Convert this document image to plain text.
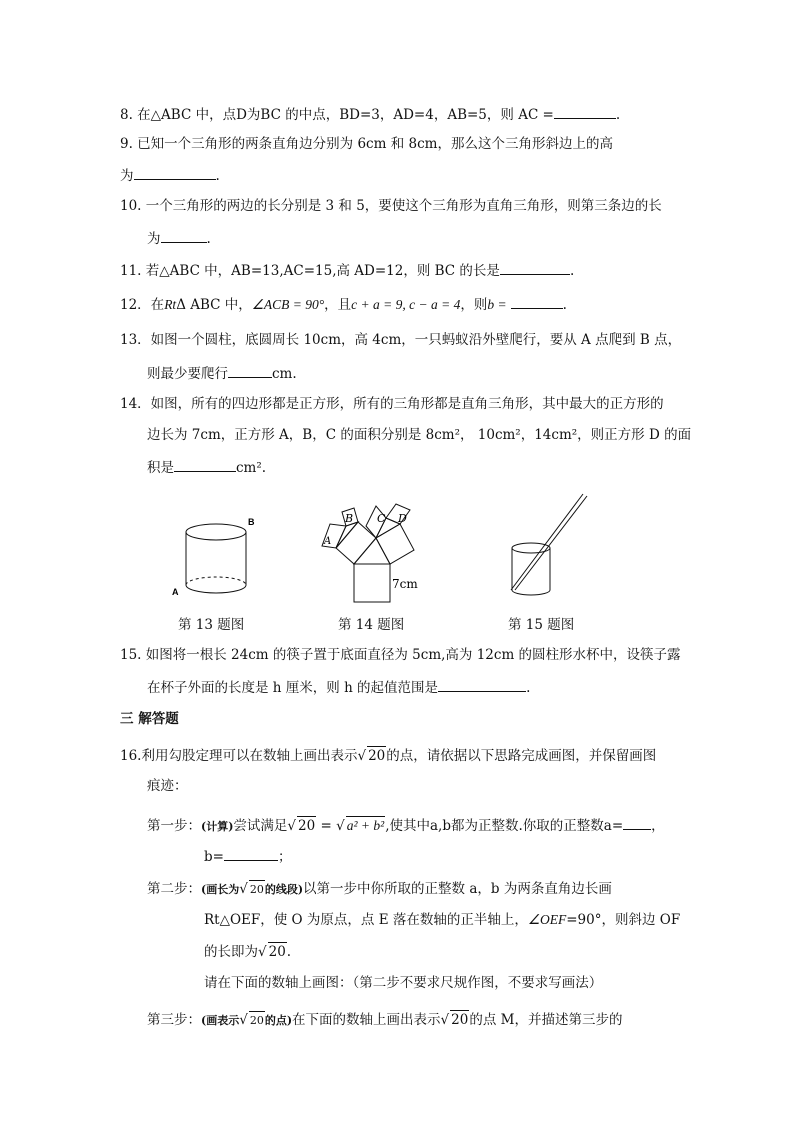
8. 在△ABC 中，点D为BC 的中点，BD=3，AD=4，AB=5，则 AC =	.
9. 已知一个三角形的两条直角边分别为 6cm 和 8cm，那么这个三角形斜边上的高
为	.
10. 一个三角形的两边的长分别是 3 和 5，要使这个三角形为直角三角形，则第三条边的长
为	.
11. 若△ABC 中，AB=13,AC=15,高 AD=12，则 BC 的长是	.
12．在RtΔ ABC 中，∠ACB = 90°，且c + a = 9, c − a = 4，则b =	.
13．如图一个圆柱，底圆周长 10cm，高 4cm，一只蚂蚁沿外壁爬行，要从 A 点爬到 B 点，
则最少要爬行	cm.
14．如图，所有的四边形都是正方形，所有的三角形都是直角三角形，其中最大的正方形的
边长为 7cm，正方形 A，B，C 的面积分别是 8cm²， 10cm²，14cm²，则正方形 D 的面
积是	cm².
B
A
A
B C D
7cm
第 13 题图	第 14 题图	第 15 题图
15. 如图将一根长 24cm 的筷子置于底面直径为 5cm,高为 12cm 的圆柱形水杯中，设筷子露
在杯子外面的长度是 h 厘米，则 h 的起值范围是	.
三 解答题
16.利用勾股定理可以在数轴上画出表示√ 20的点，请依据以下思路完成画图，并保留画图
痕迹：
第一步：(计算)尝试满足√ 20 = √ a² + b²,使其中a,b都为正整数.你取的正整数a= ，
b=	；
第二步：(画长为√ 20的线段)以第一步中你所取的正整数 a，b 为两条直角边长画
Rt△OEF，使 O 为原点，点 E 落在数轴的正半轴上，∠OEF=90°，则斜边 OF
的长即为√ 20.
请在下面的数轴上画图：（第二步不要求尺规作图，不要求写画法）
第三步：(画表示√ 20的点)在下面的数轴上画出表示√ 20的点 M，并描述第三步的
